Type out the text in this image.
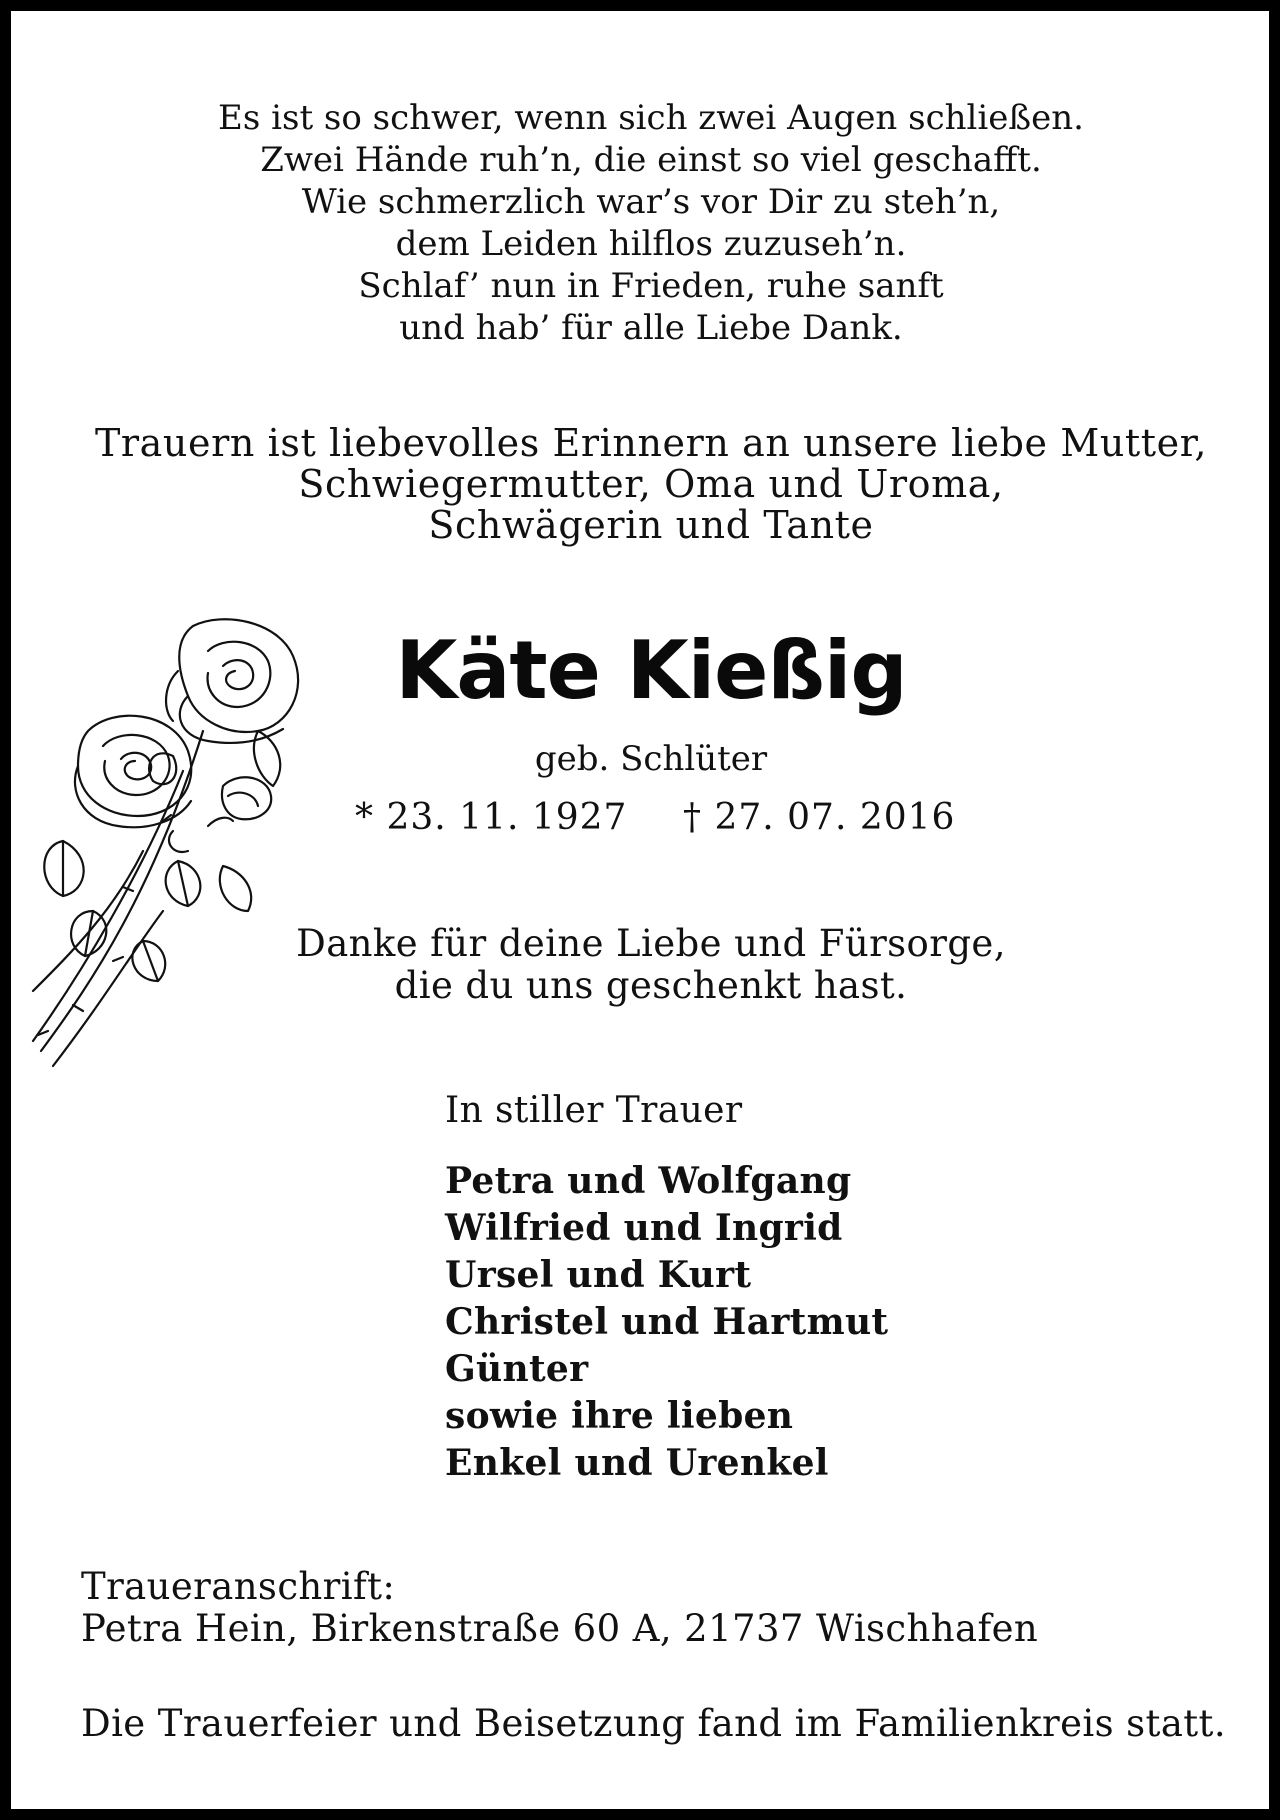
Es ist so schwer, wenn sich zwei Augen schließen.
Zwei Hände ruh’n, die einst so viel geschafft.
Wie schmerzlich war’s vor Dir zu steh’n,
dem Leiden hilflos zuzuseh’n.
Schlaf’ nun in Frieden, ruhe sanft
und hab’ für alle Liebe Dank.
Trauern ist liebevolles Erinnern an unsere liebe Mutter,
Schwiegermutter, Oma und Uroma,
Schwägerin und Tante
Käte Kießig
geb. Schlüter
* 23. 11. 1927 † 27. 07. 2016
Danke für deine Liebe und Fürsorge,
die du uns geschenkt hast.
In stiller Trauer
Petra und Wolfgang
Wilfried und Ingrid
Ursel und Kurt
Christel und Hartmut
Günter
sowie ihre lieben
Enkel und Urenkel
Traueranschrift:
Petra Hein, Birkenstraße 60 A, 21737 Wischhafen
Die Trauerfeier und Beisetzung fand im Familienkreis statt.
